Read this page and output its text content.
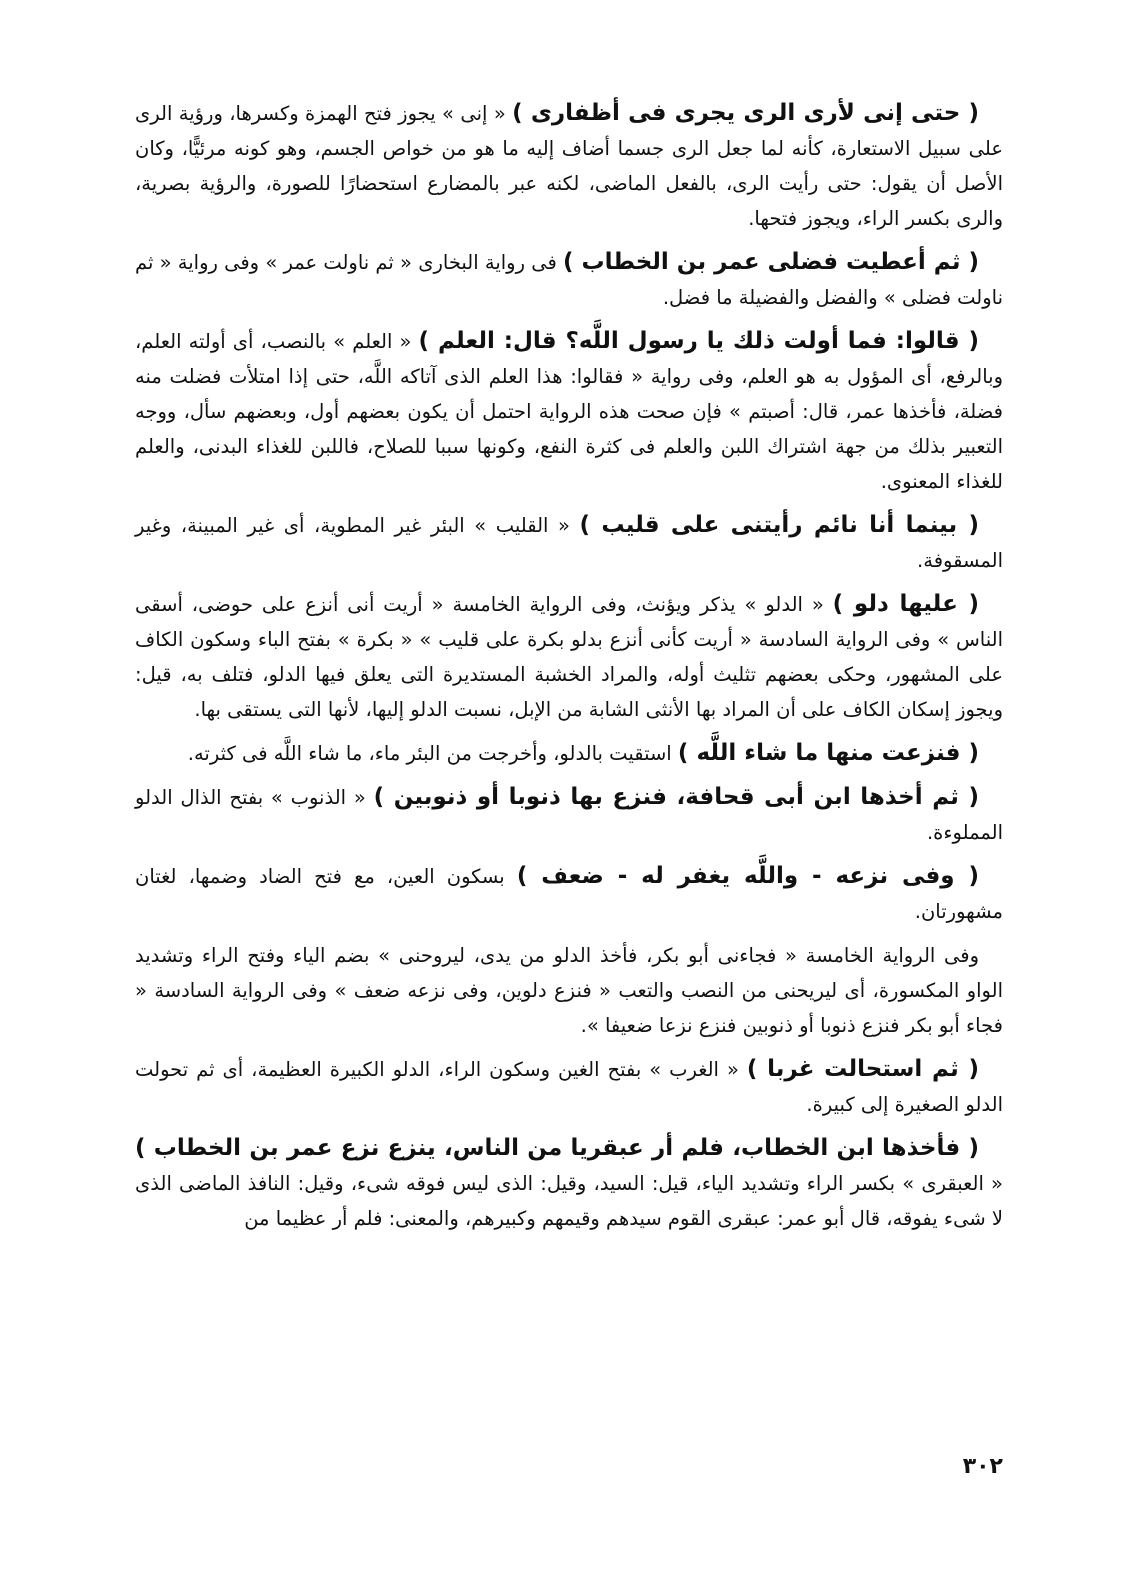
( حتى إنى لأرى الرى يجرى فى أظفارى ) « إنى » يجوز فتح الهمزة وكسرها، ورؤية الرى على سبيل الاستعارة، كأنه لما جعل الرى جسما أضاف إليه ما هو من خواص الجسم، وهو كونه مرئيًّا، وكان الأصل أن يقول: حتى رأيت الرى، بالفعل الماضى، لكنه عبر بالمضارع استحضارًا للصورة، والرؤية بصرية، والرى بكسر الراء، ويجوز فتحها.

( ثم أعطيت فضلى عمر بن الخطاب ) فى رواية البخارى « ثم ناولت عمر » وفى رواية « ثم ناولت فضلى » والفضل والفضيلة ما فضل.

( قالوا: فما أولت ذلك يا رسول اللَّه؟ قال: العلم ) « العلم » بالنصب، أى أولته العلم، وبالرفع، أى المؤول به هو العلم، وفى رواية « فقالوا: هذا العلم الذى آتاكه اللَّه، حتى إذا امتلأت فضلت منه فضلة، فأخذها عمر، قال: أصبتم » فإن صحت هذه الرواية احتمل أن يكون بعضهم أول، وبعضهم سأل، ووجه التعبير بذلك من جهة اشتراك اللبن والعلم فى كثرة النفع، وكونها سببا للصلاح، فاللبن للغذاء البدنى، والعلم للغذاء المعنوى.

( بينما أنا نائم رأيتنى على قليب ) « القليب » البئر غير المطوية، أى غير المبينة، وغير المسقوفة.

( عليها دلو ) « الدلو » يذكر ويؤنث، وفى الرواية الخامسة « أريت أنى أنزع على حوضى، أسقى الناس » وفى الرواية السادسة « أريت كأنى أنزع بدلو بكرة على قليب » « بكرة » بفتح الباء وسكون الكاف على المشهور، وحكى بعضهم تثليث أوله، والمراد الخشبة المستديرة التى يعلق فيها الدلو، فتلف به، قيل: ويجوز إسكان الكاف على أن المراد بها الأنثى الشابة من الإبل، نسبت الدلو إليها، لأنها التى يستقى بها.

( فنزعت منها ما شاء اللَّه ) استقيت بالدلو، وأخرجت من البئر ماء، ما شاء اللَّه فى كثرته.

( ثم أخذها ابن أبى قحافة، فنزع بها ذنوبا أو ذنوبين ) « الذنوب » بفتح الذال الدلو المملوءة.

( وفى نزعه - واللَّه يغفر له - ضعف ) بسكون العين، مع فتح الضاد وضمها، لغتان مشهورتان.

وفى الرواية الخامسة « فجاءنى أبو بكر، فأخذ الدلو من يدى، ليروحنى » بضم الياء وفتح الراء وتشديد الواو المكسورة، أى ليريحنى من النصب والتعب « فنزع دلوين، وفى نزعه ضعف » وفى الرواية السادسة « فجاء أبو بكر فنزع ذنوبا أو ذنوبين فنزع نزعا ضعيفا ».

( ثم استحالت غربا ) « الغرب » بفتح الغين وسكون الراء، الدلو الكبيرة العظيمة، أى ثم تحولت الدلو الصغيرة إلى كبيرة.

( فأخذها ابن الخطاب، فلم أر عبقريا من الناس، ينزع نزع عمر بن الخطاب ) « العبقرى » بكسر الراء وتشديد الياء، قيل: السيد، وقيل: الذى ليس فوقه شىء، وقيل: النافذ الماضى الذى لا شىء يفوقه، قال أبو عمر: عبقرى القوم سيدهم وقيمهم وكبيرهم، والمعنى: فلم أر عظيما من

٣٠٢
